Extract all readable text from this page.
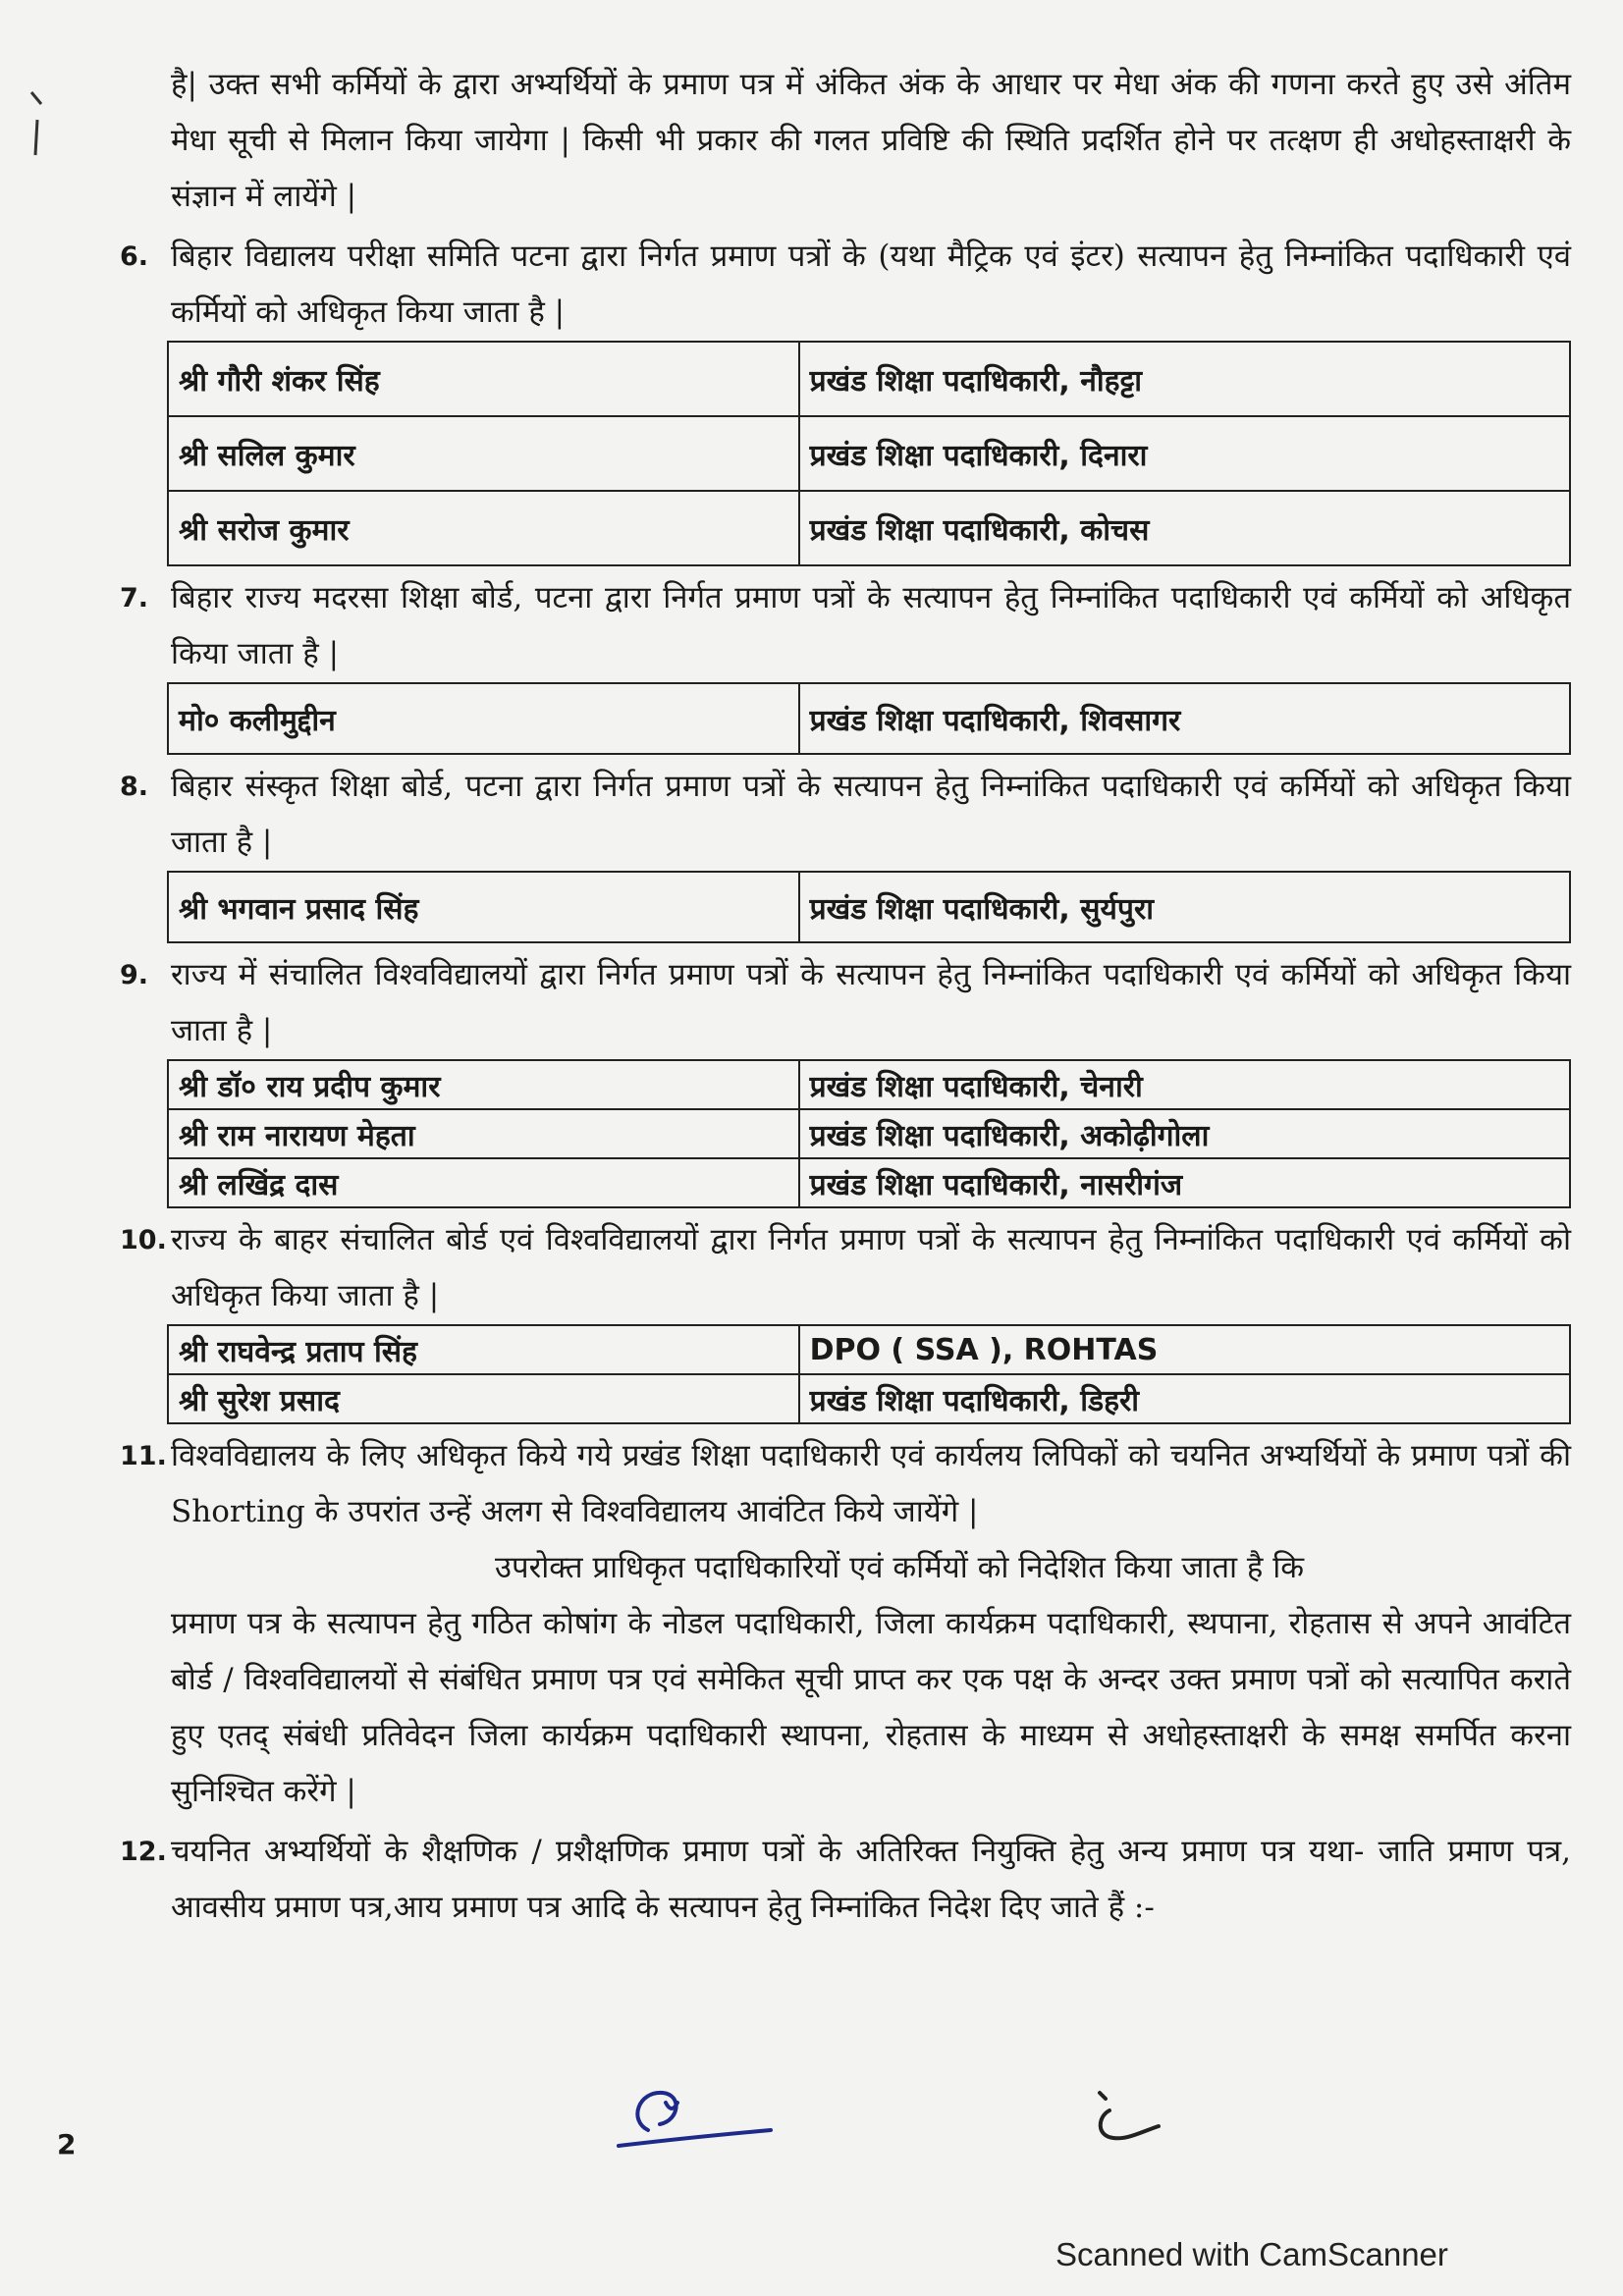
है| उक्त सभी कर्मियों के द्वारा अभ्यर्थियों के प्रमाण पत्र में अंकित अंक के आधार पर मेधा अंक की गणना करते हुए उसे अंतिम मेधा सूची से मिलान किया जायेगा | किसी भी प्रकार की गलत प्रविष्टि की स्थिति प्रदर्शित होने पर तत्क्षण ही अधोहस्ताक्षरी के संज्ञान में लायेंगे |

6. बिहार विद्यालय परीक्षा समिति पटना द्वारा निर्गत प्रमाण पत्रों के (यथा मैट्रिक एवं इंटर) सत्यापन हेतु निम्नांकित पदाधिकारी एवं कर्मियों को अधिकृत किया जाता है |
श्री गौरी शंकर सिंह	प्रखंड शिक्षा पदाधिकारी, नौहट्टा
श्री सलिल कुमार	प्रखंड शिक्षा पदाधिकारी, दिनारा
श्री सरोज कुमार	प्रखंड शिक्षा पदाधिकारी, कोचस
7. बिहार राज्य मदरसा शिक्षा बोर्ड, पटना द्वारा निर्गत प्रमाण पत्रों के सत्यापन हेतु निम्नांकित पदाधिकारी एवं कर्मियों को अधिकृत किया जाता है |
मो० कलीमुद्दीन	प्रखंड शिक्षा पदाधिकारी, शिवसागर
8. बिहार संस्कृत शिक्षा बोर्ड, पटना द्वारा निर्गत प्रमाण पत्रों के सत्यापन हेतु निम्नांकित पदाधिकारी एवं कर्मियों को अधिकृत किया जाता है |
श्री भगवान प्रसाद सिंह	प्रखंड शिक्षा पदाधिकारी, सुर्यपुरा
9. राज्य में संचालित विश्वविद्यालयों द्वारा निर्गत प्रमाण पत्रों के सत्यापन हेतु निम्नांकित पदाधिकारी एवं कर्मियों को अधिकृत किया जाता है |
श्री डॉ० राय प्रदीप कुमार	प्रखंड शिक्षा पदाधिकारी, चेनारी
श्री राम नारायण मेहता	प्रखंड शिक्षा पदाधिकारी, अकोढ़ीगोला
श्री लखिंद्र दास	प्रखंड शिक्षा पदाधिकारी, नासरीगंज
10. राज्य के बाहर संचालित बोर्ड एवं विश्वविद्यालयों द्वारा निर्गत प्रमाण पत्रों के सत्यापन हेतु निम्नांकित पदाधिकारी एवं कर्मियों को अधिकृत किया जाता है |
श्री राघवेन्द्र प्रताप सिंह	DPO ( SSA ), ROHTAS
श्री सुरेश प्रसाद	प्रखंड शिक्षा पदाधिकारी, डिहरी
11. विश्वविद्यालय के लिए अधिकृत किये गये प्रखंड शिक्षा पदाधिकारी एवं कार्यलय लिपिकों को चयनित अभ्यर्थियों के प्रमाण पत्रों की Shorting के उपरांत उन्हें अलग से विश्वविद्यालय आवंटित किये जायेंगे |
उपरोक्त प्राधिकृत पदाधिकारियों एवं कर्मियों को निदेशित किया जाता है कि
प्रमाण पत्र के सत्यापन हेतु गठित कोषांग के नोडल पदाधिकारी, जिला कार्यक्रम पदाधिकारी, स्थपाना, रोहतास से अपने आवंटित बोर्ड / विश्वविद्यालयों से संबंधित प्रमाण पत्र एवं समेकित सूची प्राप्त कर एक पक्ष के अन्दर उक्त प्रमाण पत्रों को सत्यापित कराते हुए एतद् संबंधी प्रतिवेदन जिला कार्यक्रम पदाधिकारी स्थापना, रोहतास के माध्यम से अधोहस्ताक्षरी के समक्ष समर्पित करना सुनिश्चित करेंगे |
12. चयनित अभ्यर्थियों के शैक्षणिक / प्रशैक्षणिक प्रमाण पत्रों के अतिरिक्त नियुक्ति हेतु अन्य प्रमाण पत्र यथा- जाति प्रमाण पत्र, आवसीय प्रमाण पत्र,आय प्रमाण पत्र आदि के सत्यापन हेतु निम्नांकित निदेश दिए जाते हैं :-
2
Scanned with CamScanner
